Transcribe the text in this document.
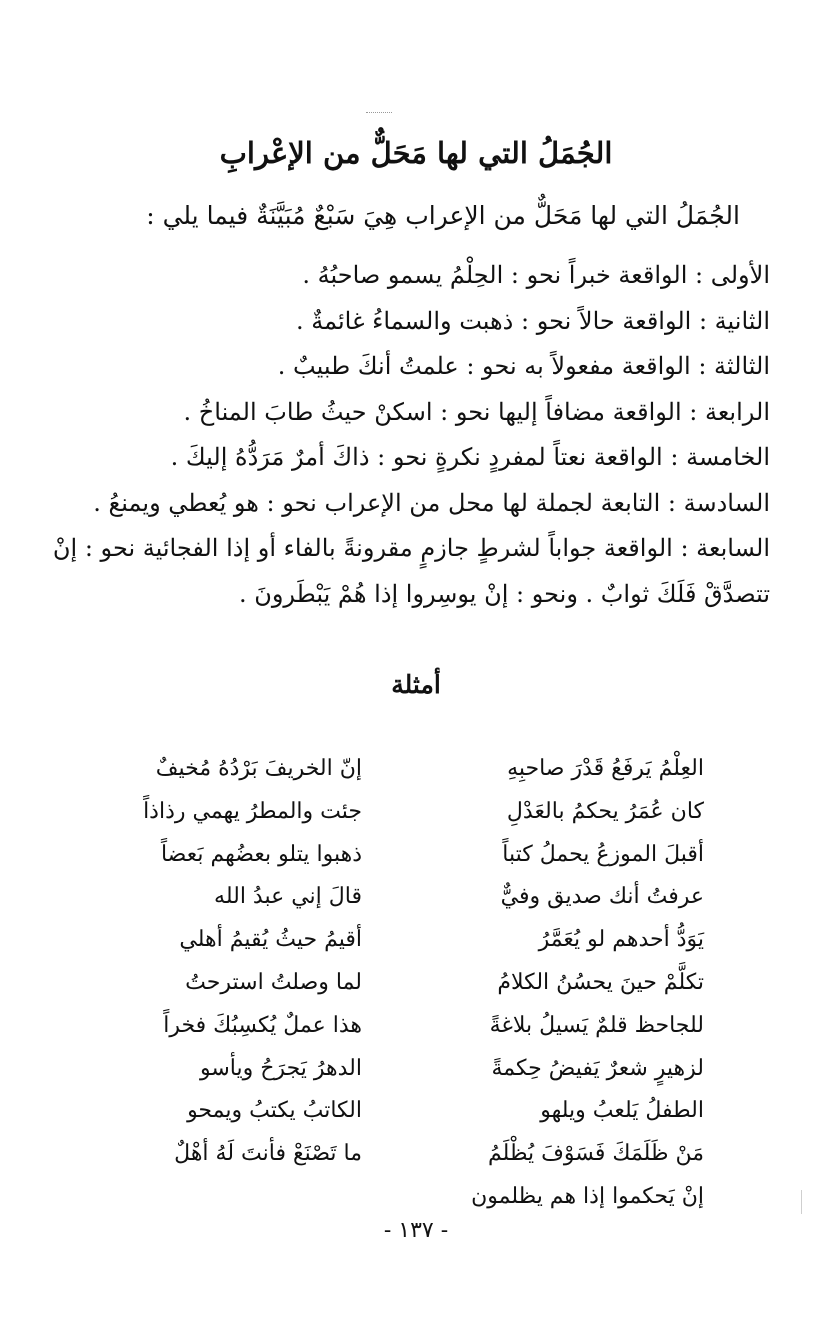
الجُمَلُ التي لها مَحَلٌّ من الإعْرابِ
الجُمَلُ التي لها مَحَلٌّ من الإعراب هِيَ سَبْعٌ مُبَيَّنَةٌ فيما يلي :
الأولى : الواقعة خبراً نحو : الحِلْمُ يسمو صاحبُهُ .
الثانية : الواقعة حالاً نحو : ذهبت والسماءُ غائمةٌ .
الثالثة : الواقعة مفعولاً به نحو : علمتُ أنكَ طبيبٌ .
الرابعة : الواقعة مضافاً إليها نحو : اسكنْ حيثُ طابَ المناخُ .
الخامسة : الواقعة نعتاً لمفردٍ نكرةٍ نحو : ذاكَ أمرٌ مَرَدُّهُ إليكَ .
السادسة : التابعة لجملة لها محل من الإعراب نحو : هو يُعطي ويمنعُ .
السابعة : الواقعة جواباً لشرطٍ جازمٍ مقرونةً بالفاء أو إذا الفجائية نحو : إنْ
تتصدَّقْ فَلَكَ ثوابٌ . ونحو : إنْ يوسِروا إذا هُمْ يَبْطَرونَ .
أمثلة
العِلْمُ يَرفَعُ قَدْرَ صاحبِهِ
كان عُمَرُ يحكمُ بالعَدْلِ
أقبلَ الموزعُ يحملُ كتباً
عرفتُ أنك صديق وفيٌّ
يَوَدُّ أحدهم لو يُعَمَّرُ
تكلَّمْ حينَ يحسُنُ الكلامُ
للجاحظ قلمٌ يَسيلُ بلاغةً
لزهيرٍ شعرٌ يَفيضُ حِكمةً
الطفلُ يَلعبُ ويلهو
مَنْ ظَلَمَكَ فَسَوْفَ يُظْلَمُ
إنْ يَحكموا إذا هم يظلمون
إنّ الخريفَ بَرْدُهُ مُخيفٌ
جئت والمطرُ يهمي رذاذاً
ذهبوا يتلو بعضُهم بَعضاً
قالَ إني عبدُ الله
أقيمُ حيثُ يُقيمُ أهلي
لما وصلتُ استرحتُ
هذا عملٌ يُكسِبُكَ فخراً
الدهرُ يَجرَحُ ويأسو
الكاتبُ يكتبُ ويمحو
ما تَصْنَعْ فأنتَ لَهُ أهْلٌ
- ١٣٧ -
